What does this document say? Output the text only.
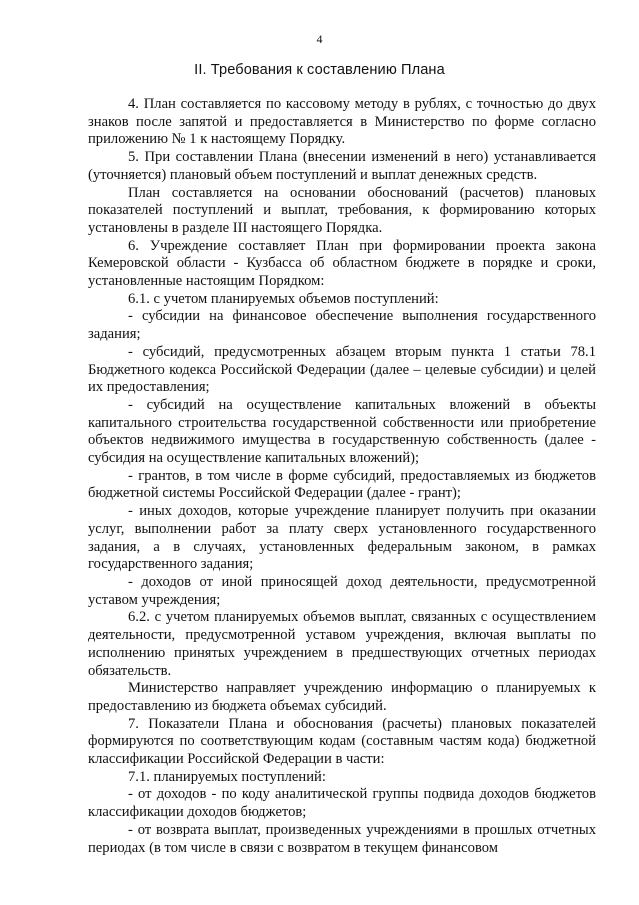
4
II. Требования к составлению Плана

4. План составляется по кассовому методу в рублях, с точностью до двух знаков после запятой и предоставляется в Министерство по форме согласно приложению № 1 к настоящему Порядку.

5. При составлении Плана (внесении изменений в него) устанавливается (уточняется) плановый объем поступлений и выплат денежных средств.

План составляется на основании обоснований (расчетов) плановых показателей поступлений и выплат, требования, к формированию которых установлены в разделе III настоящего Порядка.

6. Учреждение составляет План при формировании проекта закона Кемеровской области - Кузбасса об областном бюджете в порядке и сроки, установленные настоящим Порядком:

6.1. с учетом планируемых объемов поступлений:

- субсидии на финансовое обеспечение выполнения государственного задания;

- субсидий, предусмотренных абзацем вторым пункта 1 статьи 78.1 Бюджетного кодекса Российской Федерации (далее – целевые субсидии) и целей их предоставления;

- субсидий на осуществление капитальных вложений в объекты капитального строительства государственной собственности или приобретение объектов недвижимого имущества в государственную собственность (далее - субсидия на осуществление капитальных вложений);

- грантов, в том числе в форме субсидий, предоставляемых из бюджетов бюджетной системы Российской Федерации (далее - грант);

- иных доходов, которые учреждение планирует получить при оказании услуг, выполнении работ за плату сверх установленного государственного задания, а в случаях, установленных федеральным законом, в рамках государственного задания;

- доходов от иной приносящей доход деятельности, предусмотренной уставом учреждения;

6.2. с учетом планируемых объемов выплат, связанных с осуществлением деятельности, предусмотренной уставом учреждения, включая выплаты по исполнению принятых учреждением в предшествующих отчетных периодах обязательств.

Министерство направляет учреждению информацию о планируемых к предоставлению из бюджета объемах субсидий.

7. Показатели Плана и обоснования (расчеты) плановых показателей формируются по соответствующим кодам (составным частям кода) бюджетной классификации Российской Федерации в части:

7.1. планируемых поступлений:

- от доходов - по коду аналитической группы подвида доходов бюджетов классификации доходов бюджетов;

- от возврата выплат, произведенных учреждениями в прошлых отчетных периодах (в том числе в связи с возвратом в текущем финансовом
